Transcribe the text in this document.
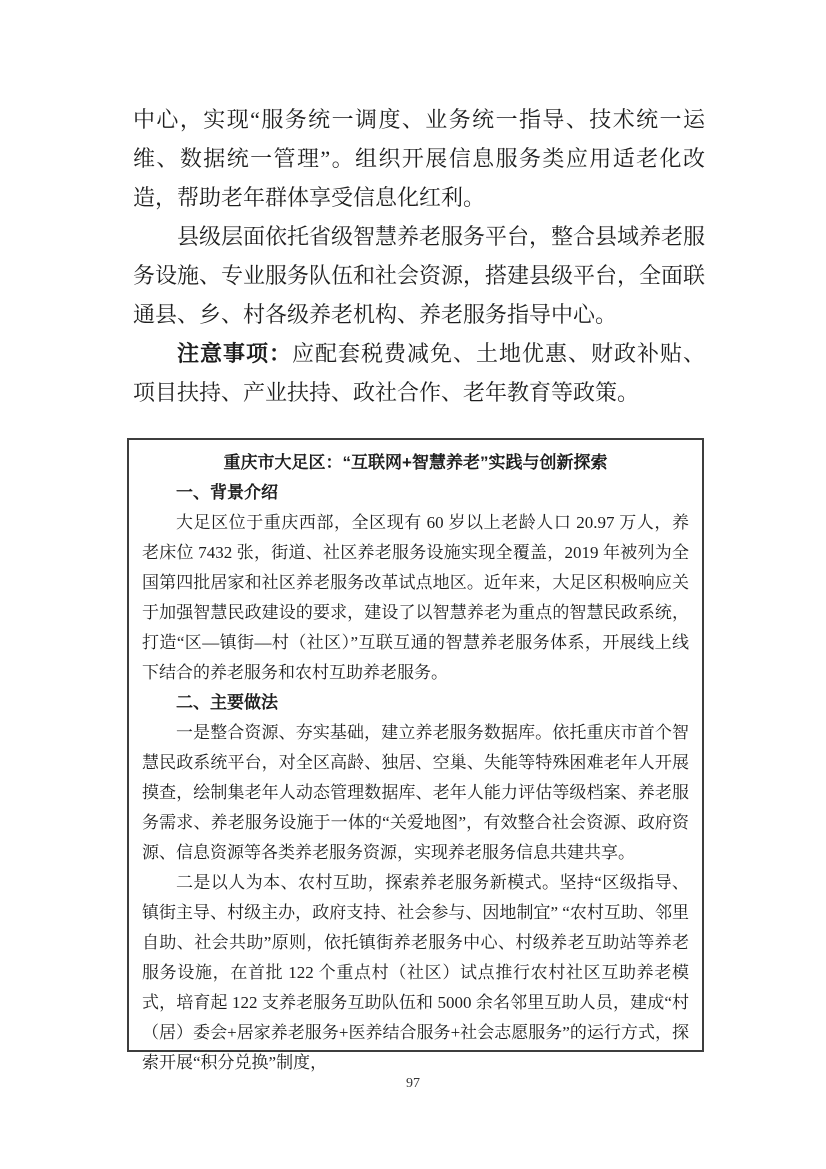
中心，实现“服务统一调度、业务统一指导、技术统一运维、数据统一管理”。组织开展信息服务类应用适老化改造，帮助老年群体享受信息化红利。

县级层面依托省级智慧养老服务平台，整合县域养老服务设施、专业服务队伍和社会资源，搭建县级平台，全面联通县、乡、村各级养老机构、养老服务指导中心。

注意事项：应配套税费减免、土地优惠、财政补贴、项目扶持、产业扶持、政社合作、老年教育等政策。

重庆市大足区：“互联网+智慧养老”实践与创新探索
一、背景介绍

大足区位于重庆西部，全区现有 60 岁以上老龄人口 20.97 万人，养老床位 7432 张，街道、社区养老服务设施实现全覆盖，2019 年被列为全国第四批居家和社区养老服务改革试点地区。近年来，大足区积极响应关于加强智慧民政建设的要求，建设了以智慧养老为重点的智慧民政系统，打造“区—镇街—村（社区）”互联互通的智慧养老服务体系，开展线上线下结合的养老服务和农村互助养老服务。

二、主要做法

一是整合资源、夯实基础，建立养老服务数据库。依托重庆市首个智慧民政系统平台，对全区高龄、独居、空巢、失能等特殊困难老年人开展摸查，绘制集老年人动态管理数据库、老年人能力评估等级档案、养老服务需求、养老服务设施于一体的“关爱地图”，有效整合社会资源、政府资源、信息资源等各类养老服务资源，实现养老服务信息共建共享。

二是以人为本、农村互助，探索养老服务新模式。坚持“区级指导、镇街主导、村级主办，政府支持、社会参与、因地制宜” “农村互助、邻里自助、社会共助”原则，依托镇街养老服务中心、村级养老互助站等养老服务设施，在首批 122 个重点村（社区）试点推行农村社区互助养老模式，培育起 122 支养老服务互助队伍和 5000 余名邻里互助人员，建成“村（居）委会+居家养老服务+医养结合服务+社会志愿服务”的运行方式，探索开展“积分兑换”制度，

97
